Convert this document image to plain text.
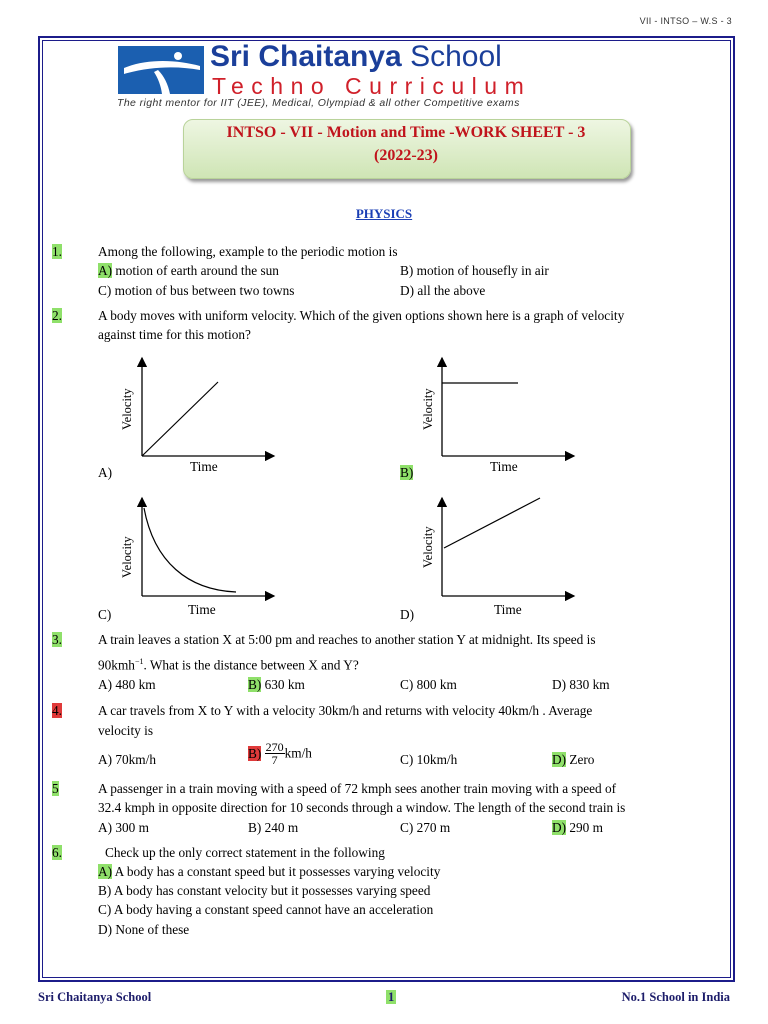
VII - INTSO – W.S - 3
Sri Chaitanya School
Techno Curriculum
The right mentor for IIT (JEE), Medical, Olympiad & all other Competitive exams
INTSO - VII - Motion and Time -WORK SHEET - 3
(2022-23)
PHYSICS
1.	Among the following, example to the periodic motion is
A) motion of earth around the sun	B) motion of housefly in air
C) motion of bus between two towns	D) all the above
2.	A body moves with uniform velocity. Which of the given options shown here is a graph of velocity
against time for this motion?
Velocity
Time
A)
Velocity
Time
B)
Velocity
Time
C)
Velocity
Time
D)
3.	A train leaves a station X at 5:00 pm and reaches to another station Y at midnight. Its speed is
90kmh$^{-1}$. What is the distance between X and Y?
A) 480 km	B) 630 km	C) 800 km	D) 830 km
4.	A car travels from X to Y with a velocity 30km/h and returns with velocity 40km/h . Average
velocity is
A) 70km/h	$B) \frac{270}{7} km/h$	C) 10km/h	D) Zero
5	A passenger in a train moving with a speed of 72 kmph sees another train moving with a speed of
32.4 kmph in opposite direction for 10 seconds through a window. The length of the second train is
A) 300 m	B) 240 m	C) 270 m	D) 290 m
6.	Check up the only correct statement in the following
A) A body has a constant speed but it possesses varying velocity
B) A body has constant velocity but it possesses varying speed
C) A body having a constant speed cannot have an acceleration
D) None of these
Sri Chaitanya School	1	No.1 School in India
